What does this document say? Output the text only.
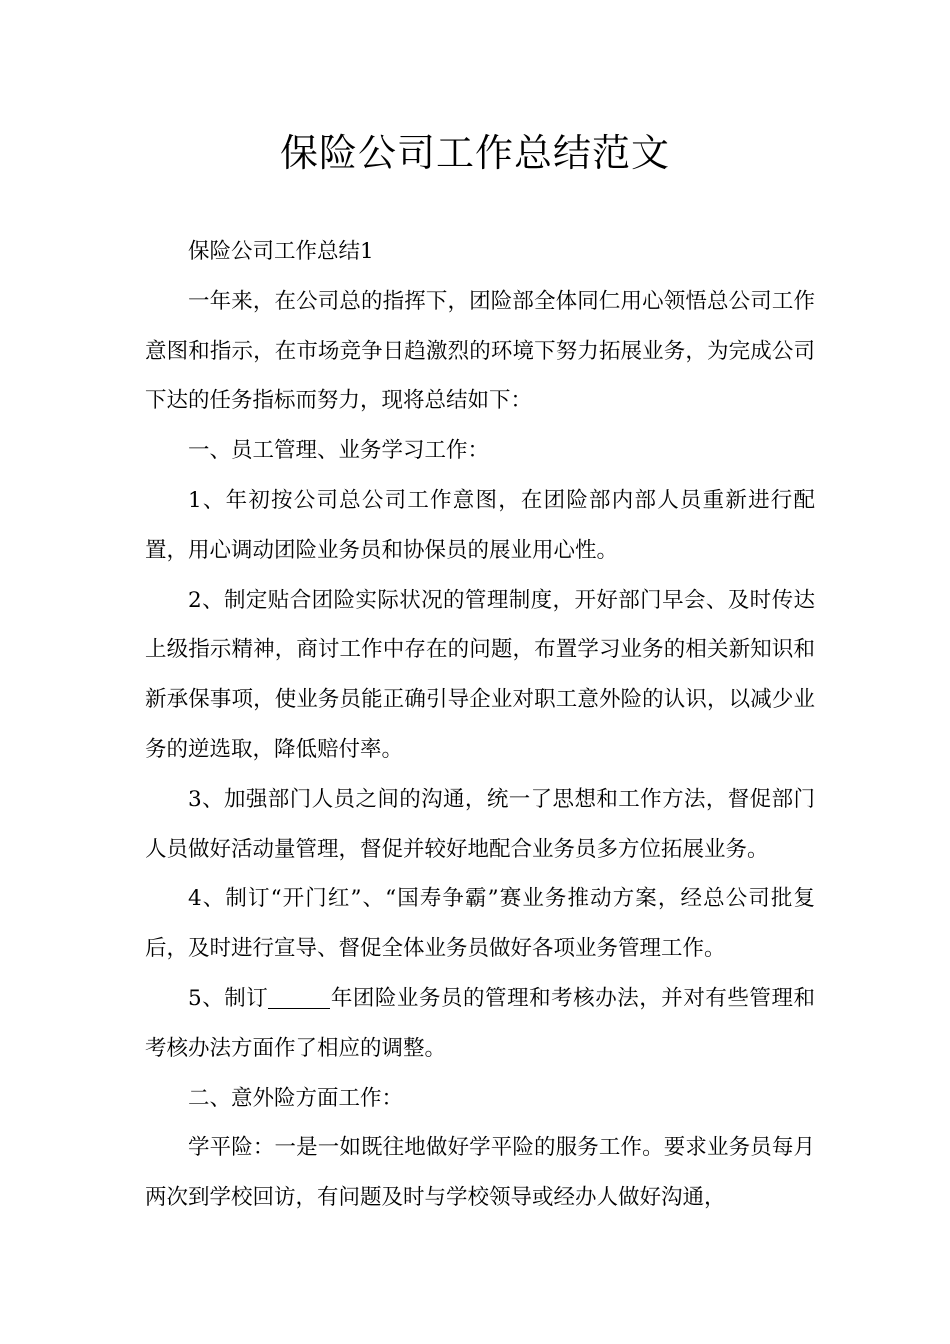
保险公司工作总结范文

保险公司工作总结1

一年来，在公司总的指挥下，团险部全体同仁用心领悟总公司工作意图和指示，在市场竞争日趋激烈的环境下努力拓展业务，为完成公司下达的任务指标而努力，现将总结如下：

一、员工管理、业务学习工作：

1、年初按公司总公司工作意图，在团险部内部人员重新进行配置，用心调动团险业务员和协保员的展业用心性。

2、制定贴合团险实际状况的管理制度，开好部门早会、及时传达上级指示精神，商讨工作中存在的问题，布置学习业务的相关新知识和新承保事项，使业务员能正确引导企业对职工意外险的认识，以减少业务的逆选取，降低赔付率。

3、加强部门人员之间的沟通，统一了思想和工作方法，督促部门人员做好活动量管理，督促并较好地配合业务员多方位拓展业务。

4、制订“开门红”、“国寿争霸”赛业务推动方案，经总公司批复后，及时进行宣导、督促全体业务员做好各项业务管理工作。

5、制订	年团险业务员的管理和考核办法，并对有些管理和考核办法方面作了相应的调整。

二、意外险方面工作：

学平险：一是一如既往地做好学平险的服务工作。要求业务员每月两次到学校回访，有问题及时与学校领导或经办人做好沟通，
